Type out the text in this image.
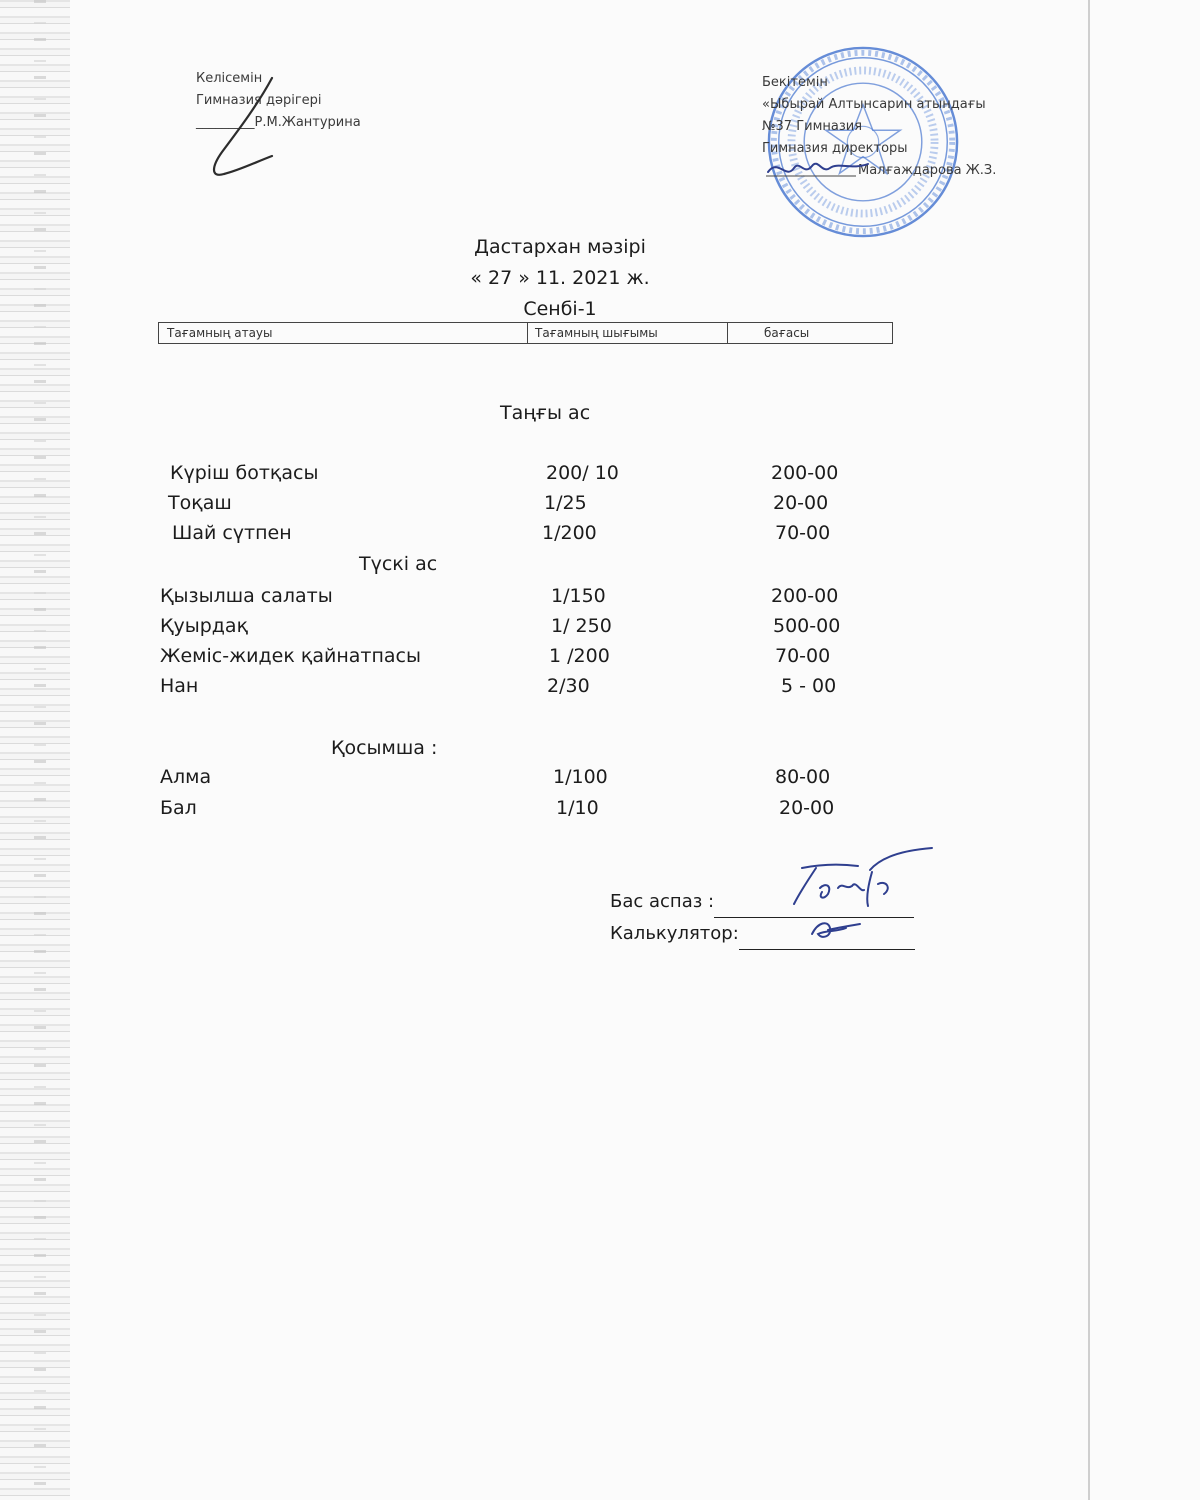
Келісемін
Гимназия дәрігері
_________Р.М.Жантурина
Бекітемін
«Ыбырай Алтынсарин атындағы
№37 Гимназия
Гимназия директоры
Малғаждарова Ж.З.
Дастархан мәзірі
« 27 » 11. 2021 ж.
Сенбі-1
Тағамның атауы	Тағамның шығымы	бағасы
Таңғы ас
Күріш ботқасы	200/ 10	200-00
Тоқаш	1/25	20-00
Шай сүтпен	1/200	70-00
Түскі ас
Қызылша салаты	1/150	200-00
Қуырдақ	1/ 250	500-00
Жеміс-жидек қайнатпасы	1 /200	70-00
Нан	2/30	5 - 00
Қосымша :
Алма	1/100	80-00
Бал	1/10	20-00
Бас аспаз :
Калькулятор:
